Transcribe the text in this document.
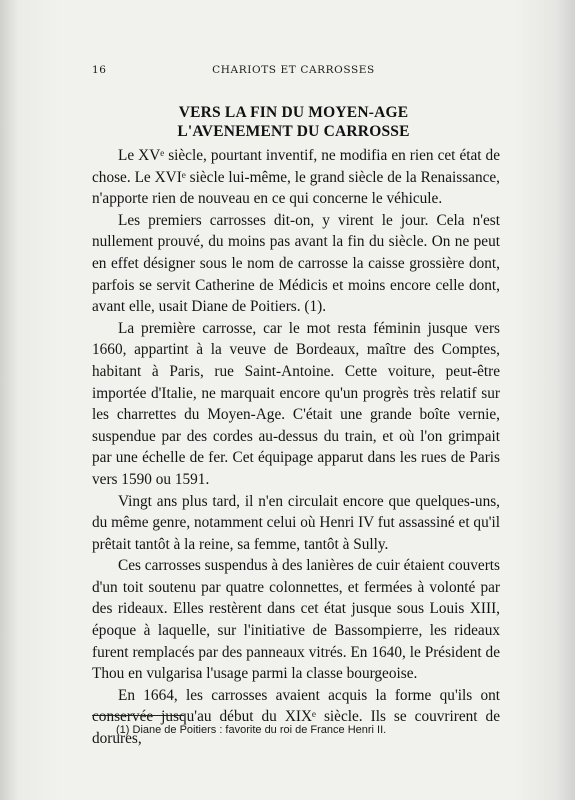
16	CHARIOTS ET CARROSSES
VERS LA FIN DU MOYEN-AGE
L'AVENEMENT DU CARROSSE

Le XVᵉ siècle, pourtant inventif, ne modifia en rien cet état de chose. Le XVIᵉ siècle lui-même, le grand siècle de la Renaissance, n'apporte rien de nouveau en ce qui concerne le véhicule.

Les premiers carrosses dit-on, y virent le jour. Cela n'est nullement prouvé, du moins pas avant la fin du siècle. On ne peut en effet désigner sous le nom de carrosse la caisse grossière dont, parfois se servit Catherine de Médicis et moins encore celle dont, avant elle, usait Diane de Poitiers. (1).

La première carrosse, car le mot resta féminin jusque vers 1660, appartint à la veuve de Bordeaux, maître des Comptes, habitant à Paris, rue Saint-Antoine. Cette voiture, peut-être importée d'Italie, ne marquait encore qu'un progrès très relatif sur les charrettes du Moyen-Age. C'était une grande boîte vernie, suspendue par des cordes au-dessus du train, et où l'on grimpait par une échelle de fer. Cet équipage apparut dans les rues de Paris vers 1590 ou 1591.

Vingt ans plus tard, il n'en circulait encore que quelques-uns, du même genre, notamment celui où Henri IV fut assassiné et qu'il prêtait tantôt à la reine, sa femme, tantôt à Sully.

Ces carrosses suspendus à des lanières de cuir étaient couverts d'un toit soutenu par quatre colonnettes, et fermées à volonté par des rideaux. Elles restèrent dans cet état jusque sous Louis XIII, époque à laquelle, sur l'initiative de Bassompierre, les rideaux furent remplacés par des panneaux vitrés. En 1640, le Président de Thou en vulgarisa l'usage parmi la classe bourgeoise.

En 1664, les carrosses avaient acquis la forme qu'ils ont conservée jusqu'au début du XIXᵉ siècle. Ils se couvrirent de dorures,

(1) Diane de Poitiers : favorite du roi de France Henri II.
